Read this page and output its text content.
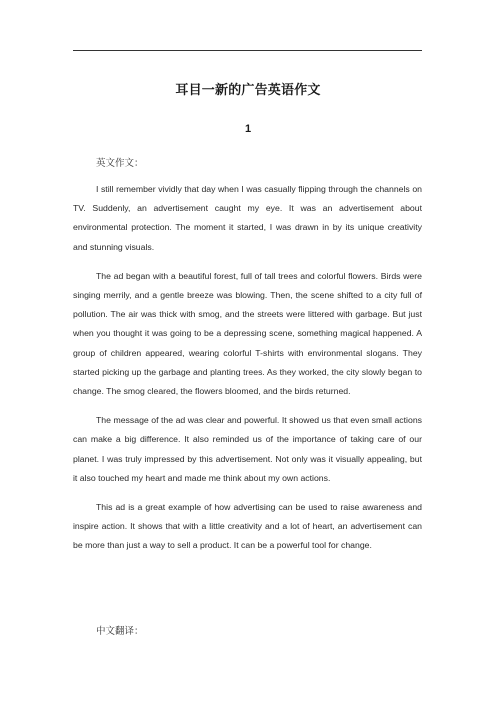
耳目一新的广告英语作文
1
英文作文：

I still remember vividly that day when I was casually flipping through the channels on TV. Suddenly, an advertisement caught my eye. It was an advertisement about environmental protection. The moment it started, I was drawn in by its unique creativity and stunning visuals.

The ad began with a beautiful forest, full of tall trees and colorful flowers. Birds were singing merrily, and a gentle breeze was blowing. Then, the scene shifted to a city full of pollution. The air was thick with smog, and the streets were littered with garbage. But just when you thought it was going to be a depressing scene, something magical happened. A group of children appeared, wearing colorful T-shirts with environmental slogans. They started picking up the garbage and planting trees. As they worked, the city slowly began to change. The smog cleared, the flowers bloomed, and the birds returned.

The message of the ad was clear and powerful. It showed us that even small actions can make a big difference. It also reminded us of the importance of taking care of our planet. I was truly impressed by this advertisement. Not only was it visually appealing, but it also touched my heart and made me think about my own actions.

This ad is a great example of how advertising can be used to raise awareness and inspire action. It shows that with a little creativity and a lot of heart, an advertisement can be more than just a way to sell a product. It can be a powerful tool for change.

中文翻译：
